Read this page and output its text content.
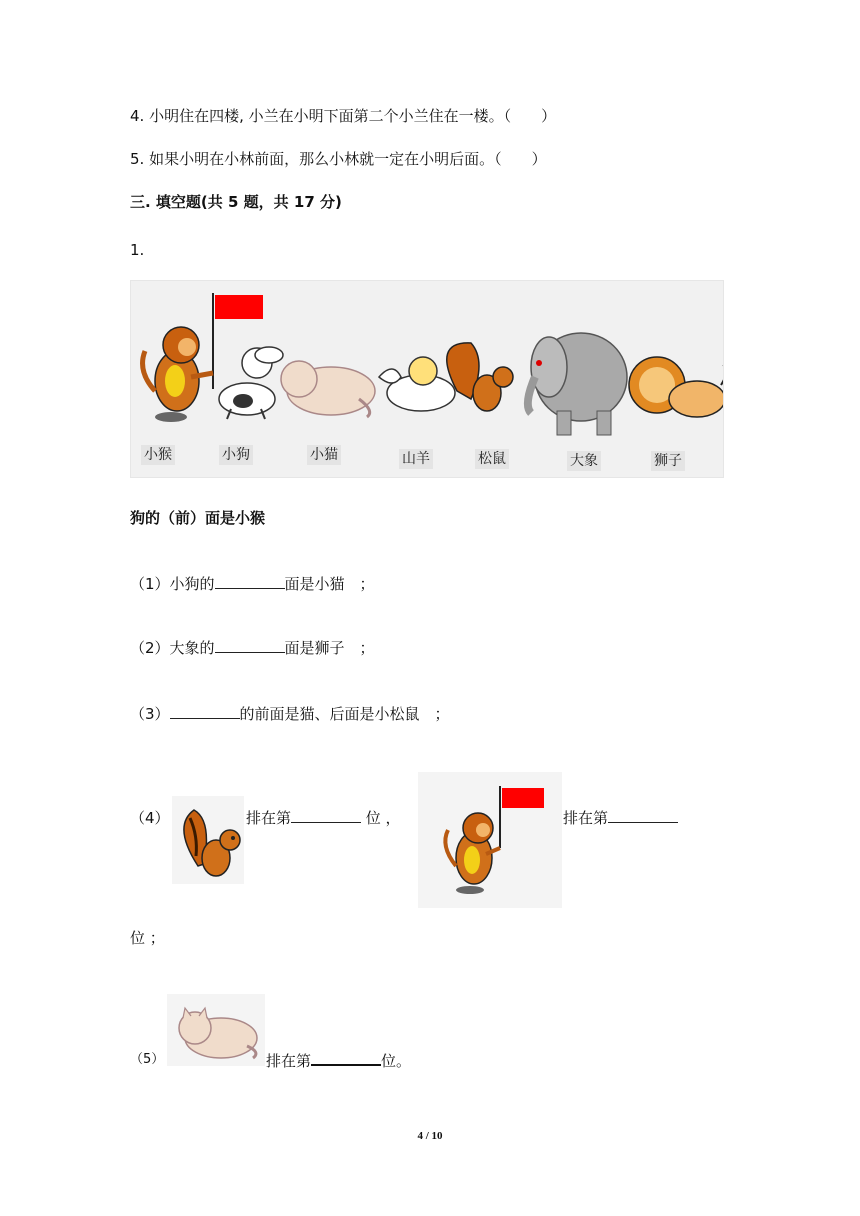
4. 小明住在四楼, 小兰在小明下面第二个小兰住在一楼。（　　）
5. 如果小明在小林前面，那么小林就一定在小明后面。（　　）
三. 填空题(共 5 题，共 17 分)
1.
小猴	小狗	小猫	山羊	松鼠	大象	狮子
狗的（前）面是小猴
（1）小狗的	面是小猫　；
（2）大象的	面是狮子　；
（3）	的前面是猫、后面是小松鼠　；
（4）	排在第	位 ，	排在第
位 ；
（5）	排在第	位。
4 / 10
